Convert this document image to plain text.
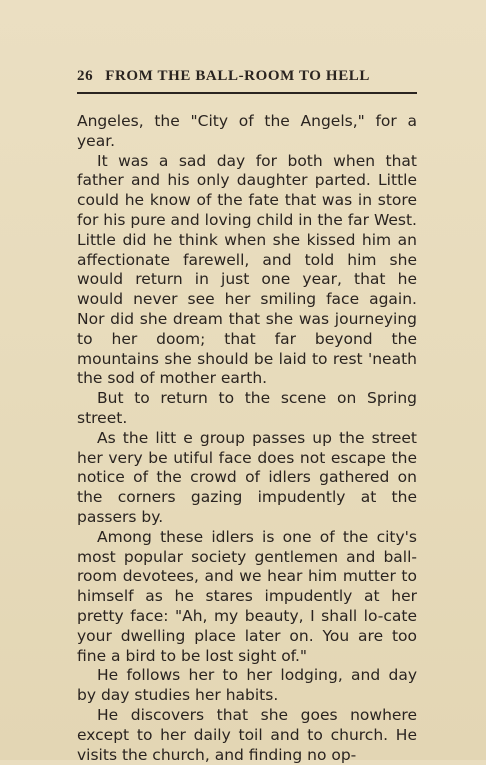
26 FROM THE BALL-ROOM TO HELL

Angeles, the "City of the Angels," for a year.

It was a sad day for both when that father and his only daughter parted. Little could he know of the fate that was in store for his pure and loving child in the far West. Little did he think when she kissed him an affectionate farewell, and told him she would return in just one year, that he would never see her smiling face again. Nor did she dream that she was journeying to her doom; that far beyond the mountains she should be laid to rest 'neath the sod of mother earth.

But to return to the scene on Spring street.

As the litt e group passes up the street her very be utiful face does not escape the notice of the crowd of idlers gathered on the corners gazing impudently at the passers by.

Among these idlers is one of the city's most popular society gentlemen and ball-room devotees, and we hear him mutter to himself as he stares impudently at her pretty face: "Ah, my beauty, I shall lo-cate your dwelling place later on. You are too fine a bird to be lost sight of."

He follows her to her lodging, and day by day studies her habits.

He discovers that she goes nowhere except to her daily toil and to church. He visits the church, and finding no op-
